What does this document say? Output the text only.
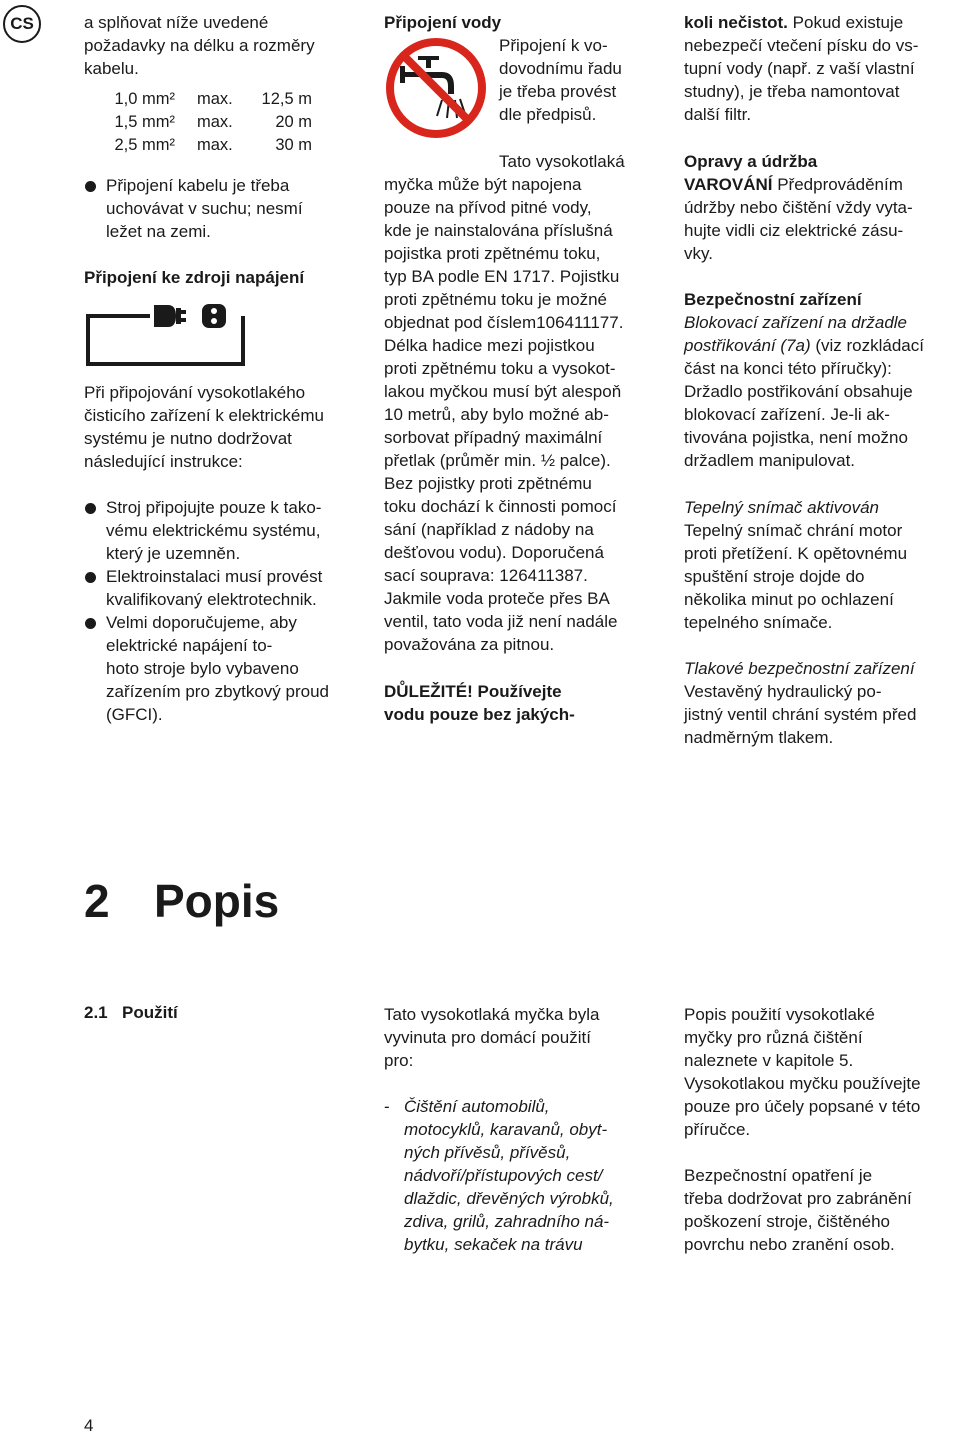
CS	a splňovat níže uvedené
požadavky na délku a rozměry
kabelu.
1,0 mm²	max.	12,5 m
1,5 mm²	max.	20 m
2,5 mm²	max.	30 m
Připojení kabelu je třeba
uchovávat v suchu; nesmí
ležet na zemi.
Připojení ke zdroji napájení
Při připojování vysokotlakého
čisticího zařízení k elektrickému
systému je nutno dodržovat
následující instrukce:
Stroj připojujte pouze k tako-
vému elektrickému systému,
který je uzemněn.
Elektroinstalaci musí provést
kvalifikovaný elektrotechnik.
Velmi doporučujeme, aby
elektrické napájení to-
hoto stroje bylo vybaveno
zařízením pro zbytkový proud
(GFCI).
Připojení vody
Připojení k vo-
dovodnímu řadu
je třeba provést
dle předpisů.
Tato vysokotlaká
myčka může být napojena
pouze na přívod pitné vody,
kde je nainstalována příslušná
pojistka proti zpětnému toku,
typ BA podle EN 1717. Pojistku
proti zpětnému toku je možné
objednat pod číslem106411177.
Délka hadice mezi pojistkou
proti zpětnému toku a vysokot-
lakou myčkou musí být alespoň
10 metrů, aby bylo možné ab-
sorbovat případný maximální
přetlak (průměr min. ½ palce).
Bez pojistky proti zpětnému
toku dochází k činnosti pomocí
sání (například z nádoby na
dešťovou vodu). Doporučená
sací souprava: 126411387.
Jakmile voda proteče přes BA
ventil, tato voda již není nadále
považována za pitnou.
DŮLEŽITÉ! Používejte
vodu pouze bez jakých-
koli nečistot. Pokud existuje
nebezpečí vtečení písku do vs-
tupní vody (např. z vaší vlastní
studny), je třeba namontovat
další filtr.
Opravy a údržba
VAROVÁNÍ Předprováděním
údržby nebo čištění vždy vyta-
hujte vidli ciz elektrické zásu-
vky.
Bezpečnostní zařízení
Blokovací zařízení na držadle
postřikování (7a) (viz rozkládací
část na konci této příručky):
Držadlo postřikování obsahuje
blokovací zařízení. Je-li ak-
tivována pojistka, není možno
držadlem manipulovat.
Tepelný snímač aktivován
Tepelný snímač chrání motor
proti přetížení. K opětovnému
spuštění stroje dojde do
několika minut po ochlazení
tepelného snímače.
Tlakové bezpečnostní zařízení
Vestavěný hydraulický po-
jistný ventil chrání systém před
nadměrným tlakem.
2 Popis
2.1 Použití	Tato vysokotlaká myčka byla
vyvinuta pro domácí použití
pro:
- Čištění automobilů,
motocyklů, karavanů, obyt-
ných přívěsů, přívěsů,
nádvoří/přístupových cest/
dlaždic, dřevěných výrobků,
zdiva, grilů, zahradního ná-
bytku, sekaček na trávu
Popis použití vysokotlaké
myčky pro různá čištění
naleznete v kapitole 5.
Vysokotlakou myčku používejte
pouze pro účely popsané v této
příručce.
Bezpečnostní opatření je
třeba dodržovat pro zabránění
poškození stroje, čištěného
povrchu nebo zranění osob.
4
